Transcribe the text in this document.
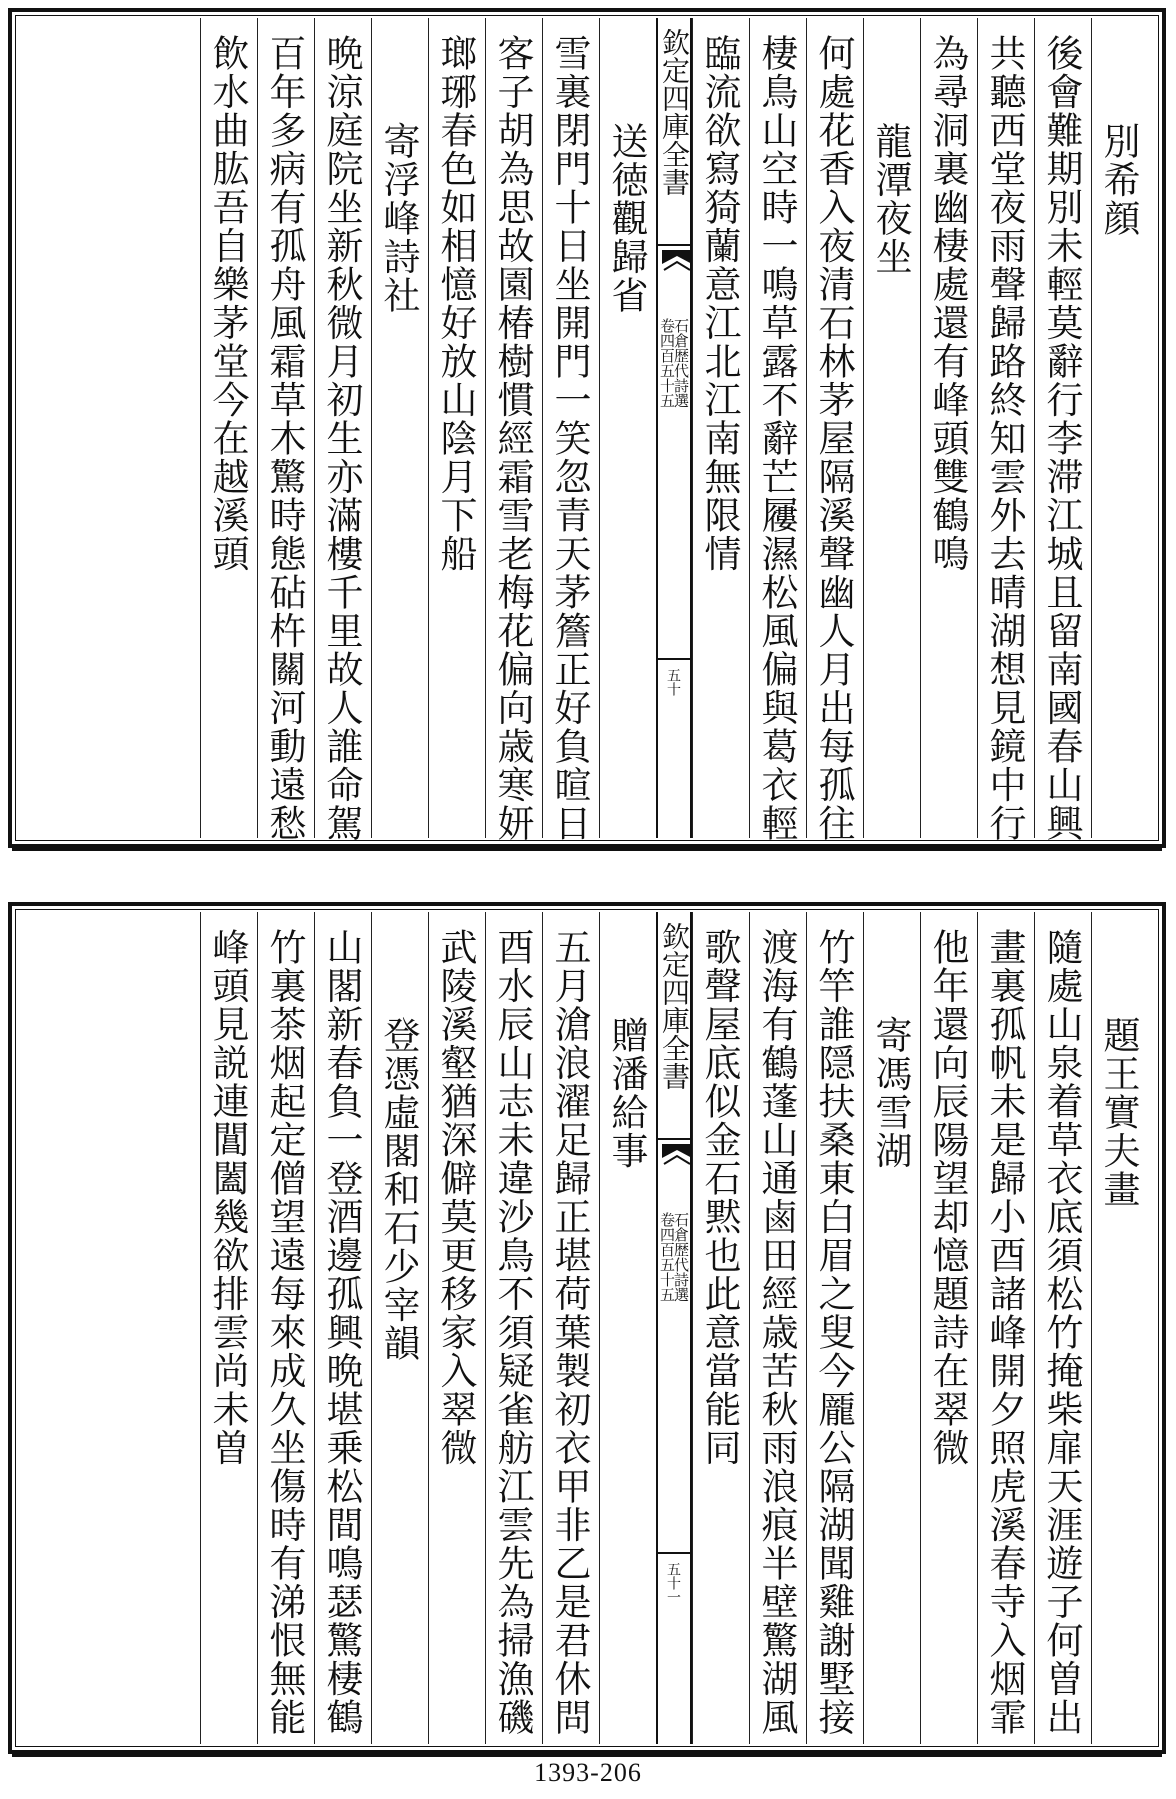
別希顔
後會難期別未輕莫辭行李滞江城且留南國春山興
共聽西堂夜雨聲歸路終知雲外去晴湖想見鏡中行
為尋洞裏幽棲處還有峰頭雙鶴鳴
龍潭夜坐
何處花香入夜清石林茅屋隔溪聲幽人月出每孤往
棲鳥山空時一鳴草露不辭芒屨濕松風偏與葛衣輕
臨流欲寫猗蘭意江北江南無限情
欽定四庫全書
石倉歴代詩選
卷四百五十五
五十
送徳觀歸省
雪裏閉門十日坐開門一笑忽青天茅簷正好負暄日
客子胡為思故園椿樹慣經霜雪老梅花偏向歳寒妍
瑯琊春色如相憶好放山陰月下船
寄浮峰詩社
晩涼庭院坐新秋微月初生亦滿樓千里故人誰命駕
百年多病有孤舟風霜草木驚時態砧杵關河動遠愁
飲水曲肱吾自樂茅堂今在越溪頭
題王實夫畫
隨處山泉着草衣底須松竹掩柴扉天涯遊子何曽出
畫裏孤帆未是歸小酉諸峰開夕照虎溪春寺入烟霏
他年還向辰陽望却憶題詩在翠微
寄馮雪湖
竹竿誰隠扶桑東白眉之叟今龎公隔湖聞雞謝墅接
渡海有鶴蓬山通鹵田經歳苦秋雨浪痕半壁驚湖風
歌聲屋底似金石黙也此意當能同
欽定四庫全書
石倉歴代詩選
卷四百五十五
五十一
贈潘給事
五月滄浪濯足歸正堪荷葉製初衣甲非乙是君休問
酉水辰山志未違沙鳥不須疑雀舫江雲先為掃漁磯
武陵溪壑猶深僻莫更移家入翠微
登憑虛閣和石少宰韻
山閣新春負一登酒邊孤興晩堪乗松間鳴瑟驚棲鶴
竹裏茶烟起定僧望遠每來成久坐傷時有涕恨無能
峰頭見説連閶闔幾欲排雲尚未曽
1393-206
